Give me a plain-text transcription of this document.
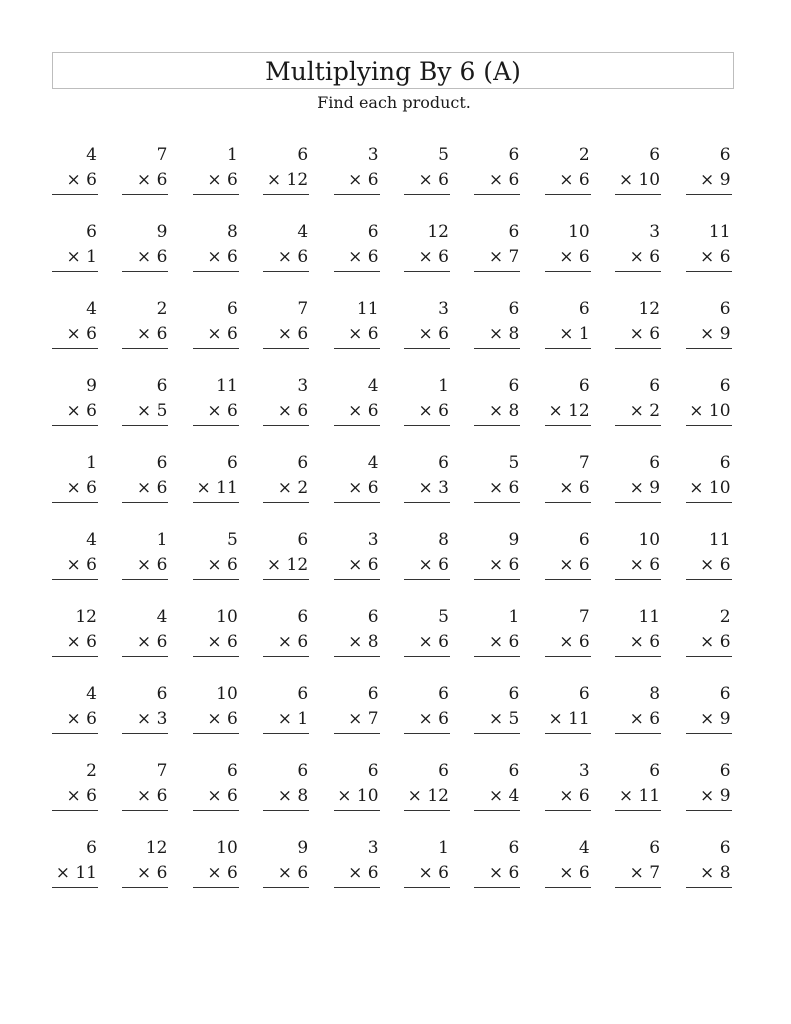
Multiplying By 6 (A)
Find each product.
4
× 6
7
× 6
1
× 6
6
× 12
3
× 6
5
× 6
6
× 6
2
× 6
6
× 10
6
× 9
6
× 1
9
× 6
8
× 6
4
× 6
6
× 6
12
× 6
6
× 7
10
× 6
3
× 6
11
× 6
4
× 6
2
× 6
6
× 6
7
× 6
11
× 6
3
× 6
6
× 8
6
× 1
12
× 6
6
× 9
9
× 6
6
× 5
11
× 6
3
× 6
4
× 6
1
× 6
6
× 8
6
× 12
6
× 2
6
× 10
1
× 6
6
× 6
6
× 11
6
× 2
4
× 6
6
× 3
5
× 6
7
× 6
6
× 9
6
× 10
4
× 6
1
× 6
5
× 6
6
× 12
3
× 6
8
× 6
9
× 6
6
× 6
10
× 6
11
× 6
12
× 6
4
× 6
10
× 6
6
× 6
6
× 8
5
× 6
1
× 6
7
× 6
11
× 6
2
× 6
4
× 6
6
× 3
10
× 6
6
× 1
6
× 7
6
× 6
6
× 5
6
× 11
8
× 6
6
× 9
2
× 6
7
× 6
6
× 6
6
× 8
6
× 10
6
× 12
6
× 4
3
× 6
6
× 11
6
× 9
6
× 11
12
× 6
10
× 6
9
× 6
3
× 6
1
× 6
6
× 6
4
× 6
6
× 7
6
× 8
